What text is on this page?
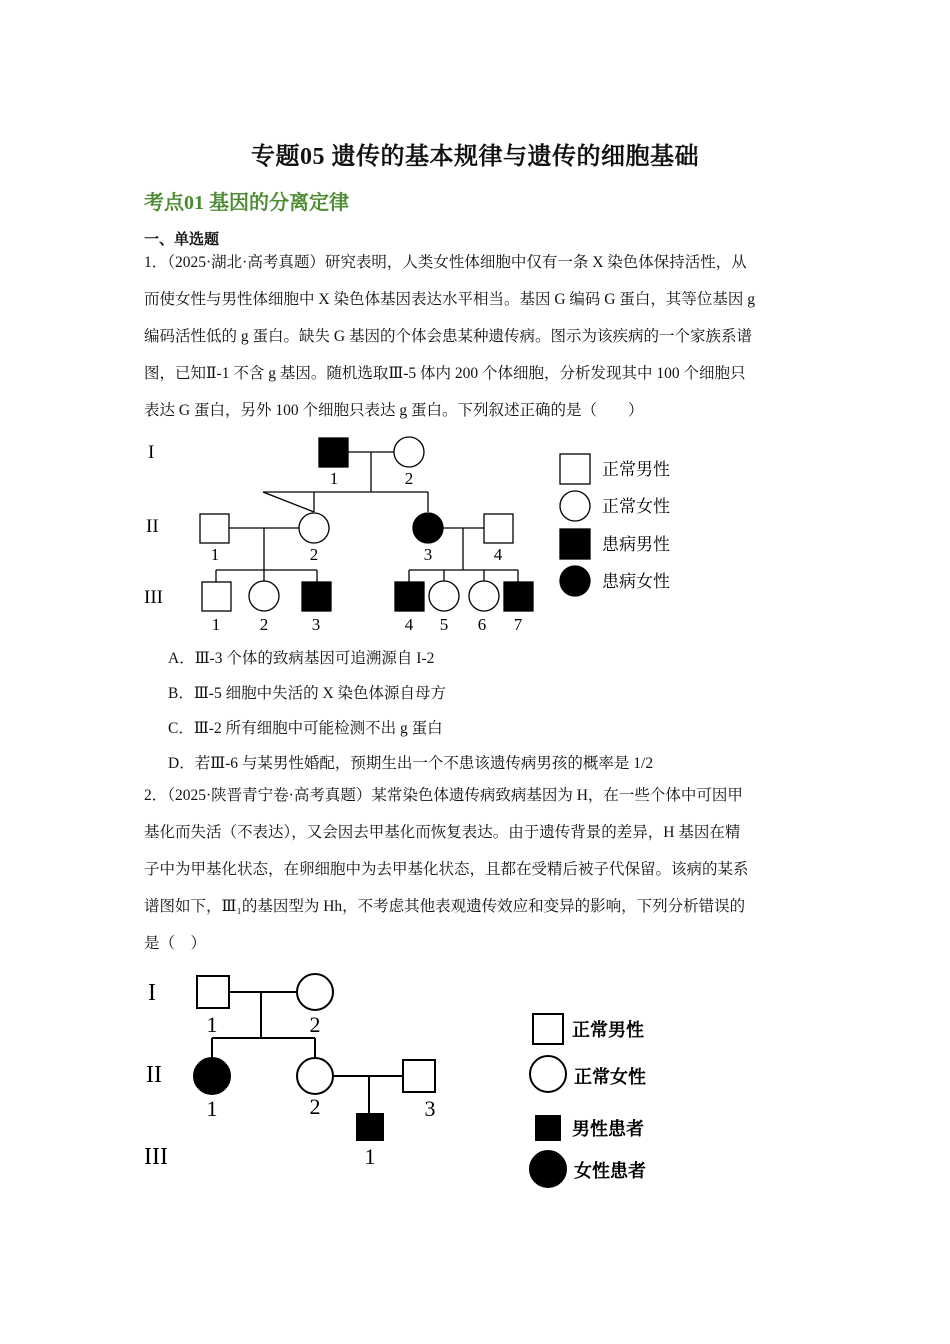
专题05 遗传的基本规律与遗传的细胞基础
考点01 基因的分离定律
一、单选题
1．（2025·湖北·高考真题）研究表明，人类女性体细胞中仅有一条 X 染色体保持活性，从
而使女性与男性体细胞中 X 染色体基因表达水平相当。基因 G 编码 G 蛋白，其等位基因 g
编码活性低的 g 蛋白。缺失 G 基因的个体会患某种遗传病。图示为该疾病的一个家族系谱
图，已知Ⅱ-1 不含 g 基因。随机选取Ⅲ-5 体内 200 个体细胞，分析发现其中 100 个细胞只
表达 G 蛋白，另外 100 个细胞只表达 g 蛋白。下列叙述正确的是（　　）
I
II
III
1	2
1	2	3	4
1 2	3	4 5 6 7
正常男性
正常女性
患病男性
患病女性
A．Ⅲ-3 个体的致病基因可追溯源自 I-2
B．Ⅲ-5 细胞中失活的 X 染色体源自母方
C．Ⅲ-2 所有细胞中可能检测不出 g 蛋白
D．若Ⅲ-6 与某男性婚配，预期生出一个不患该遗传病男孩的概率是 1/2
2．（2025·陕晋青宁卷·高考真题）某常染色体遗传病致病基因为 H，在一些个体中可因甲
基化而失活（不表达），又会因去甲基化而恢复表达。由于遗传背景的差异，H 基因在精
子中为甲基化状态，在卵细胞中为去甲基化状态，且都在受精后被子代保留。该病的某系
谱图如下，Ⅲ₁的基因型为 Hh，不考虑其他表观遗传效应和变异的影响，下列分析错误的
是（　）
I
II
III
1	2
1	2	3
1
正常男性
正常女性
男性患者
女性患者
